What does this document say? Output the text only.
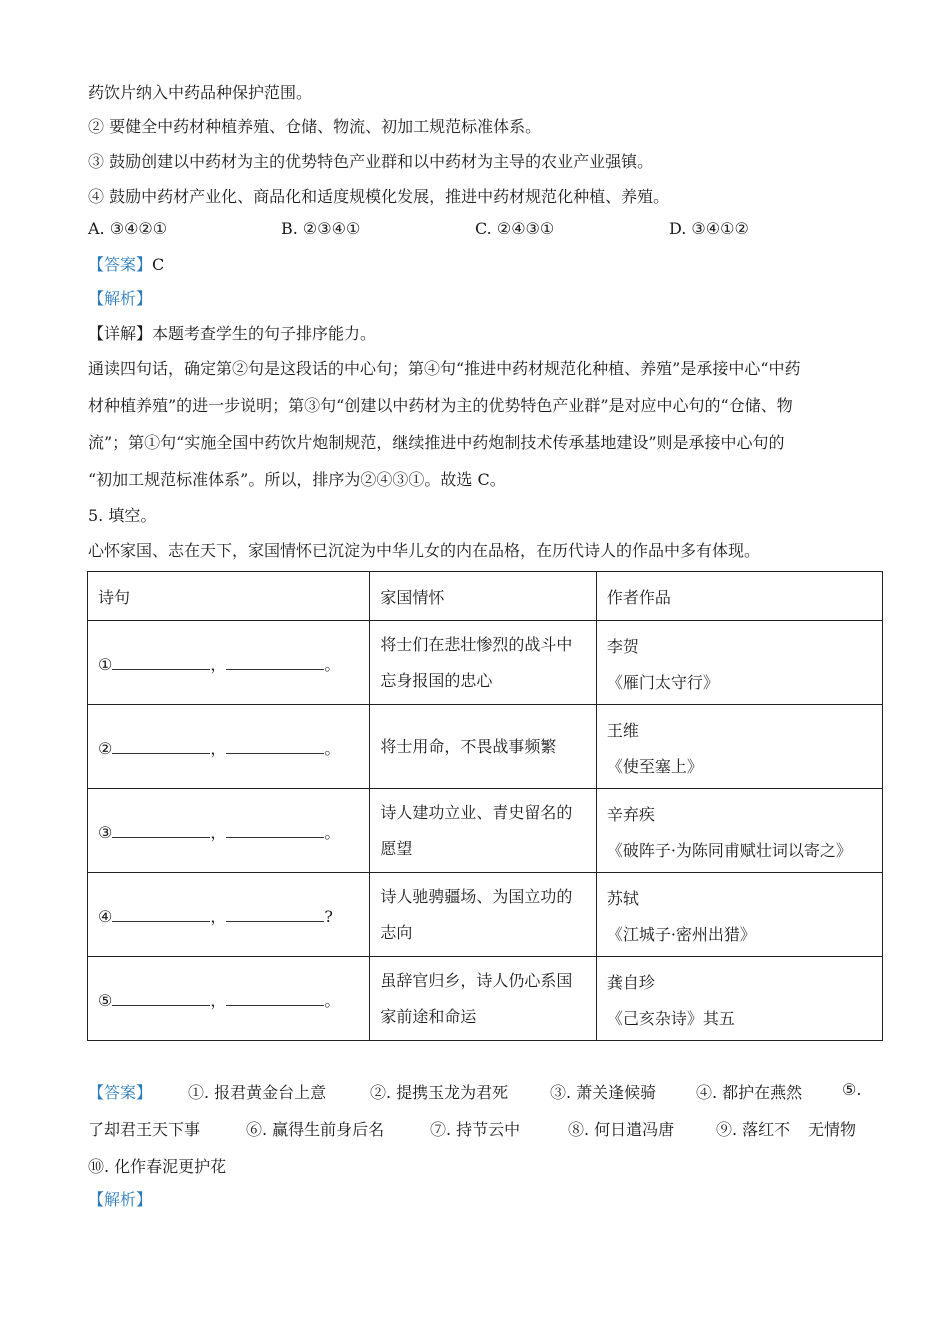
药饮片纳入中药品种保护范围。
② 要健全中药材种植养殖、仓储、物流、初加工规范标准体系。
③ 鼓励创建以中药材为主的优势特色产业群和以中药材为主导的农业产业强镇。
④ 鼓励中药材产业化、商品化和适度规模化发展，推进中药材规范化种植、养殖。
A. ③④②①	B. ②③④①	C. ②④③①	D. ③④①②
【答案】C
【解析】
【详解】本题考查学生的句子排序能力。
通读四句话，确定第②句是这段话的中心句；第④句“推进中药材规范化种植、养殖”是承接中心“中药
材种植养殖”的进一步说明；第③句“创建以中药材为主的优势特色产业群”是对应中心句的“仓储、物
流”；第①句“实施全国中药饮片炮制规范，继续推进中药炮制技术传承基地建设”则是承接中心句的
“初加工规范标准体系”。所以，排序为②④③①。故选 C。
5. 填空。
心怀家国、志在天下，家国情怀已沉淀为中华儿女的内在品格，在历代诗人的作品中多有体现。
诗句	家国情怀	作者作品
① ， 。	将士们在悲壮惨烈的战斗中
忘身报国的忠心	李贺
《雁门太守行》

② ， 。	将士用命，不畏战事频繁	王维
《使至塞上》

③ ， 。	诗人建功立业、青史留名的
愿望	辛弃疾
《破阵子·为陈同甫赋壮词以寄之》

④ ， ?	诗人驰骋疆场、为国立功的
志向	苏轼
《江城子·密州出猎》

⑤ ， 。	虽辞官归乡，诗人仍心系国
家前途和命运	龚自珍
《己亥杂诗》其五
【答案】 ①. 报君黄金台上意	②. 提携玉龙为君死	③. 萧关逢候骑 ④. 都护在燕然 ⑤.
了却君王天下事	⑥. 赢得生前身后名	⑦. 持节云中	⑧. 何日遣冯唐	⑨. 落红不 无情物
⑩. 化作春泥更护花
【解析】
